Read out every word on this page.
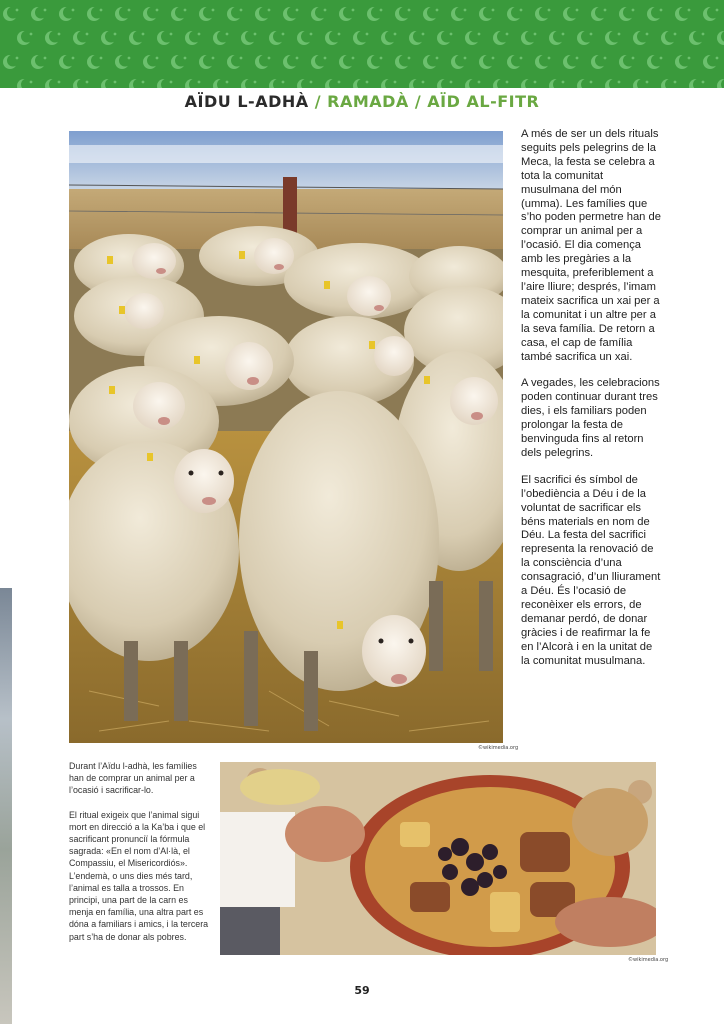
AÏDU L-ADHÀ / RAMADÀ / AÏD AL-FITR
©wikimedia.org

A més de ser un dels rituals seguits pels pelegrins de la Meca, la festa se celebra a tota la comunitat musulmana del món (umma). Les famílies que s’ho poden permetre han de comprar un animal per a l’ocasió. El dia comença amb les pregàries a la mesquita, preferiblement a l’aire lliure; després, l’imam mateix sacrifica un xai per a la comunitat i un altre per a la seva família. De retorn a casa, el cap de família també sacrifica un xai.

A vegades, les celebracions poden continuar durant tres dies, i els familiars poden prolongar la festa de benvinguda fins al retorn dels pelegrins.

El sacrifici és símbol de l’obediència a Déu i de la voluntat de sacrificar els béns materials en nom de Déu. La festa del sacrifici representa la renovació de la consciència d’una consagració, d’un lliurament a Déu. És l’ocasió de reconèixer els errors, de demanar perdó, de donar gràcies i de reafirmar la fe en l’Alcorà i en la unitat de la comunitat musulmana.

Durant l’Aïdu l-adhà, les famílies han de comprar un animal per a l’ocasió i sacrificar-lo.

El ritual exigeix que l’animal sigui mort en direcció a la Ka’ba i que el sacrificant pronunciï la fórmula sagrada: «En el nom d’Al·là, el Compassiu, el Misericordiós». L’endemà, o uns dies més tard, l’animal es talla a trossos. En principi, una part de la carn es menja en família, una altra part es dóna a familiars i amics, i la tercera part s’ha de donar als pobres.

©wikimedia.org
59
